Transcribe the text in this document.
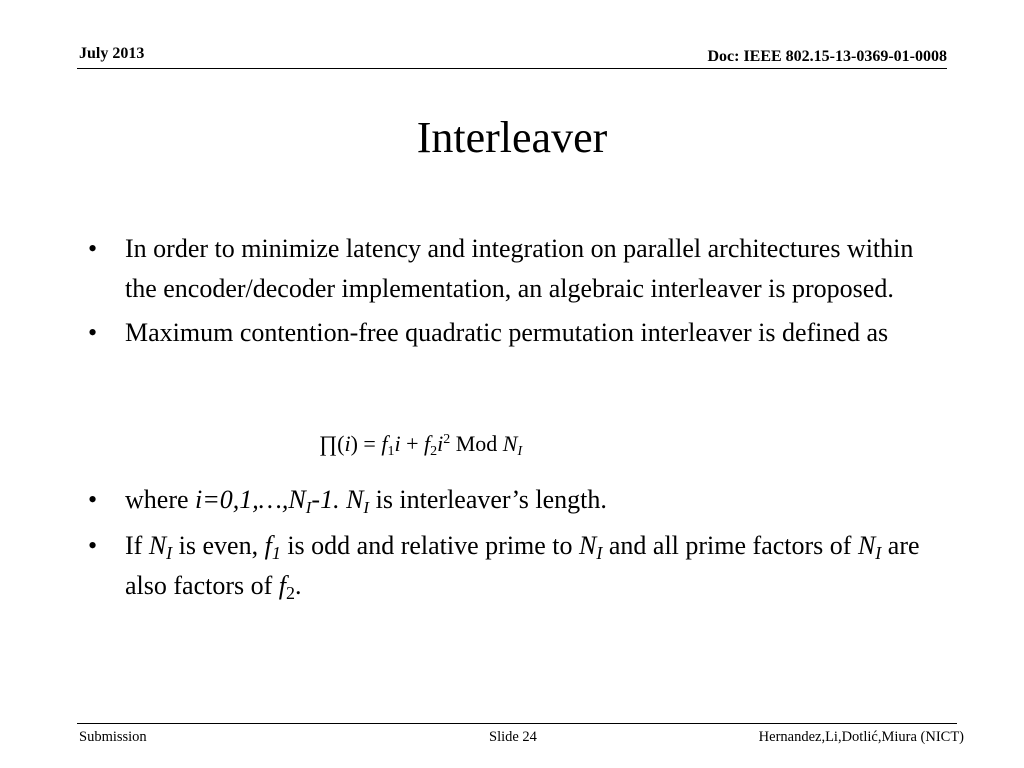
July 2013	Doc: IEEE 802.15-13-0369-01-0008
Interleaver
• In order to minimize latency and integration on parallel architectures within the encoder/decoder implementation, an algebraic interleaver is proposed.
• Maximum contention-free quadratic permutation interleaver is defined as
∏(i) = $f_1i + f_2i^2$ Mod $N_I$
• where i=0,1,…,NI-1. NI is interleaver’s length.
• If NI is even, f1 is odd and relative prime to NI and all prime factors of NI are also factors of f2.
Submission	Slide 24	Hernandez,Li,Dotlić,Miura (NICT)
